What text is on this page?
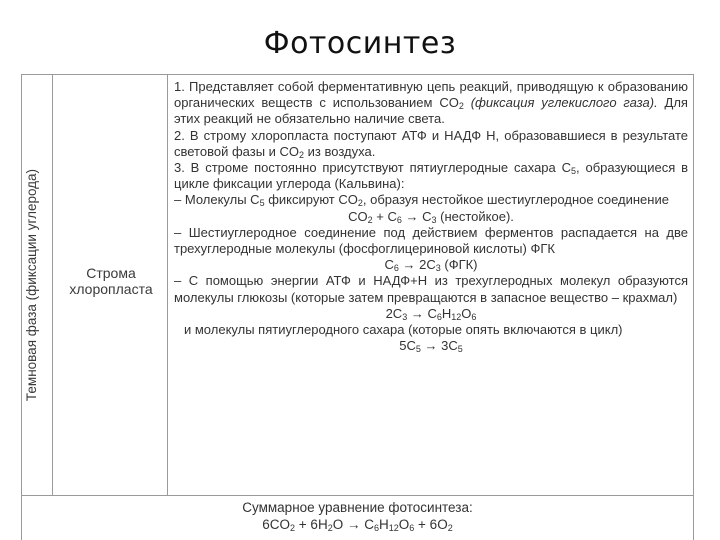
Фотосинтез
Темновая фаза (фиксации углерода)	Строма
хлоропласта

1. Представляет собой ферментативную цепь реакций, приводящую к образованию органических веществ с использованием $CO_2$ (фиксация углекислого газа). Для этих реакций не обязательно наличие света.

2. В строму хлоропласта поступают АТФ и НАДФ Н, образовавшиеся в результате световой фазы и $CO_2$ из воздуха.

3. В строме постоянно присутствуют пятиуглеродные сахара $C_5$, образующиеся в цикле фиксации углерода (Кальвина):

– Молекулы $C_5$ фиксируют $CO_2$, образуя нестойкое шестиуглеродное соединение

$CO_2 + C_6 \to C_3$ (нестойкое).

– Шестиуглеродное соединение под действием ферментов распадается на две трехуглеродные молекулы (фосфоглицериновой кислоты) ФГК

$C_6 \to 2C_3$ (ФГК)

– С помощью энергии АТФ и НАДФ+Н из трехуглеродных молекул образуются молекулы глюкозы (которые затем превращаются в запасное вещество – крахмал)

$2C_3 \to C_6H_{12}O_6$

и молекулы пятиуглеродного сахара (которые опять включаются в цикл)

$5C_5 \to 3C_5$

Суммарное уравнение фотосинтеза:
$6CO_2 + 6H_2O \to C_6H_{12}O_6 + 6O_2$
